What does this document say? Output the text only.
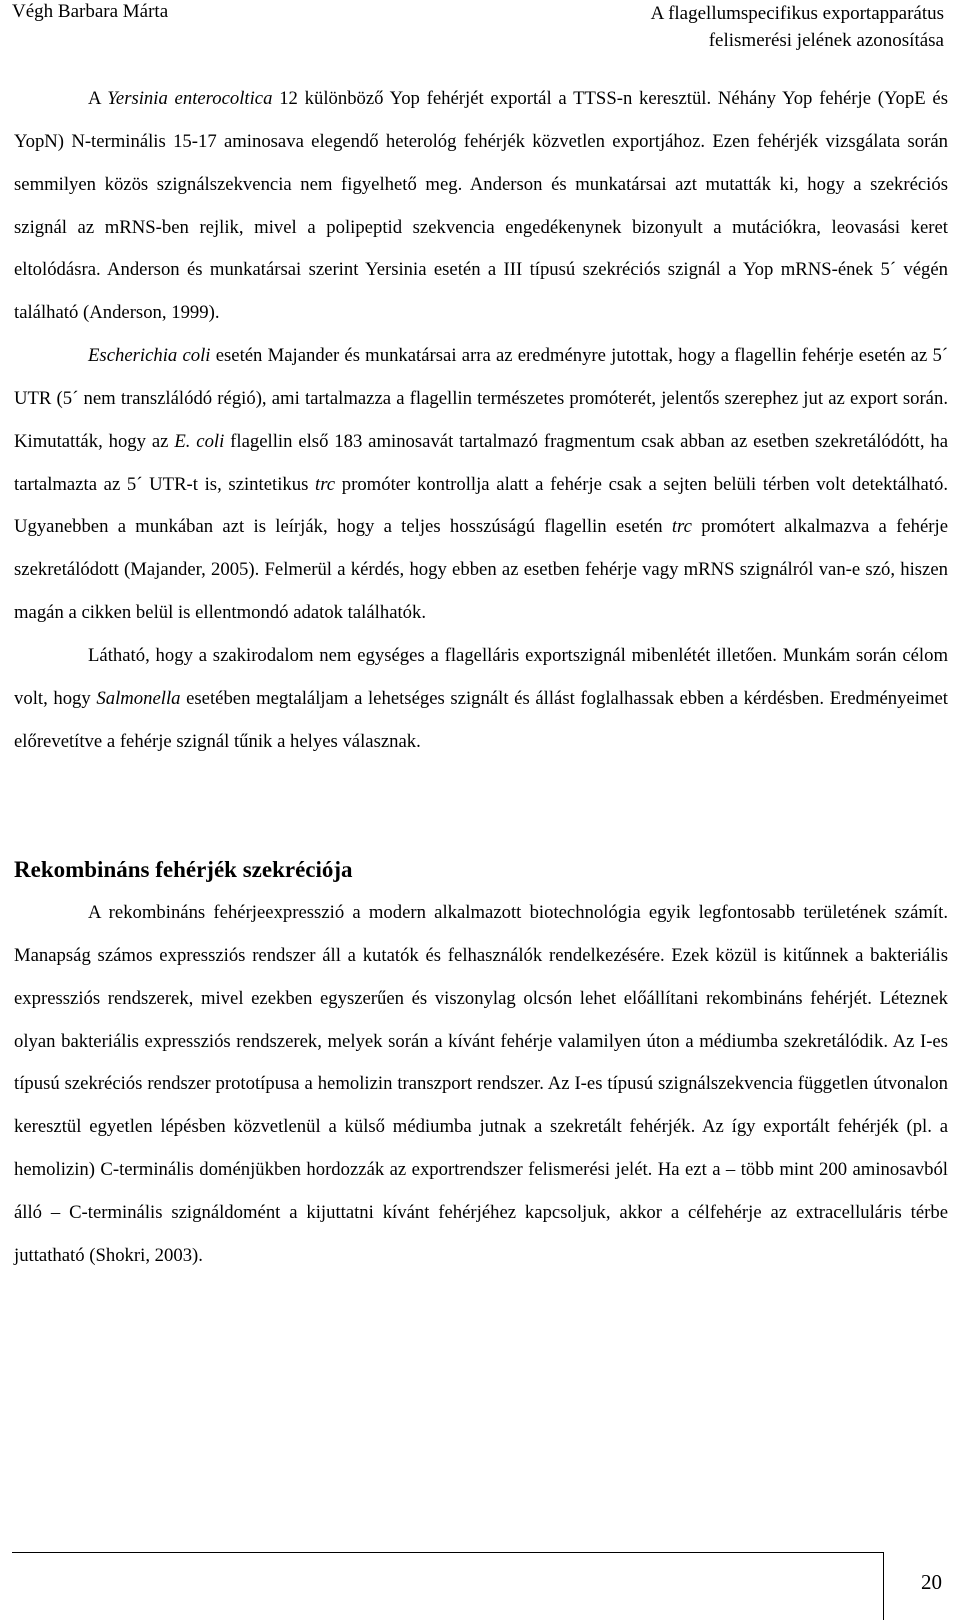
Végh Barbara Márta	A flagellumspecifikus exportapparátus
felismerési jelének azonosítása

A Yersinia enterocoltica 12 különböző Yop fehérjét exportál a TTSS-n keresztül. Néhány Yop fehérje (YopE és YopN) N-terminális 15-17 aminosava elegendő heterológ fehérjék közvetlen exportjához. Ezen fehérjék vizsgálata során semmilyen közös szignálszekvencia nem figyelhető meg. Anderson és munkatársai azt mutatták ki, hogy a szekréciós szignál az mRNS-ben rejlik, mivel a polipeptid szekvencia engedékenynek bizonyult a mutációkra, leovasási keret eltolódásra. Anderson és munkatársai szerint Yersinia esetén a III típusú szekréciós szignál a Yop mRNS-ének 5´ végén található (Anderson, 1999).

Escherichia coli esetén Majander és munkatársai arra az eredményre jutottak, hogy a flagellin fehérje esetén az 5´ UTR (5´ nem transzlálódó régió), ami tartalmazza a flagellin természetes promóterét, jelentős szerephez jut az export során. Kimutatták, hogy az E. coli flagellin első 183 aminosavát tartalmazó fragmentum csak abban az esetben szekretálódótt, ha tartalmazta az 5´ UTR-t is, szintetikus trc promóter kontrollja alatt a fehérje csak a sejten belüli térben volt detektálható. Ugyanebben a munkában azt is leírják, hogy a teljes hosszúságú flagellin esetén trc promótert alkalmazva a fehérje szekretálódott (Majander, 2005). Felmerül a kérdés, hogy ebben az esetben fehérje vagy mRNS szignálról van-e szó, hiszen magán a cikken belül is ellentmondó adatok találhatók.

Látható, hogy a szakirodalom nem egységes a flagelláris exportszignál mibenlétét illetően. Munkám során célom volt, hogy Salmonella esetében megtaláljam a lehetséges szignált és állást foglalhassak ebben a kérdésben. Eredményeimet előrevetítve a fehérje szignál tűnik a helyes válasznak.

Rekombináns fehérjék szekréciója

A rekombináns fehérjeexpresszió a modern alkalmazott biotechnológia egyik legfontosabb területének számít. Manapság számos expressziós rendszer áll a kutatók és felhasználók rendelkezésére. Ezek közül is kitűnnek a bakteriális expressziós rendszerek, mivel ezekben egyszerűen és viszonylag olcsón lehet előállítani rekombináns fehérjét. Léteznek olyan bakteriális expressziós rendszerek, melyek során a kívánt fehérje valamilyen úton a médiumba szekretálódik. Az I-es típusú szekréciós rendszer prototípusa a hemolizin transzport rendszer. Az I-es típusú szignálszekvencia független útvonalon keresztül egyetlen lépésben közvetlenül a külső médiumba jutnak a szekretált fehérjék. Az így exportált fehérjék (pl. a hemolizin) C-terminális doménjükben hordozzák az exportrendszer felismerési jelét. Ha ezt a – több mint 200 aminosavból álló – C-terminális szignáldomént a kijuttatni kívánt fehérjéhez kapcsoljuk, akkor a célfehérje az extracelluláris térbe juttatható (Shokri, 2003).

20
